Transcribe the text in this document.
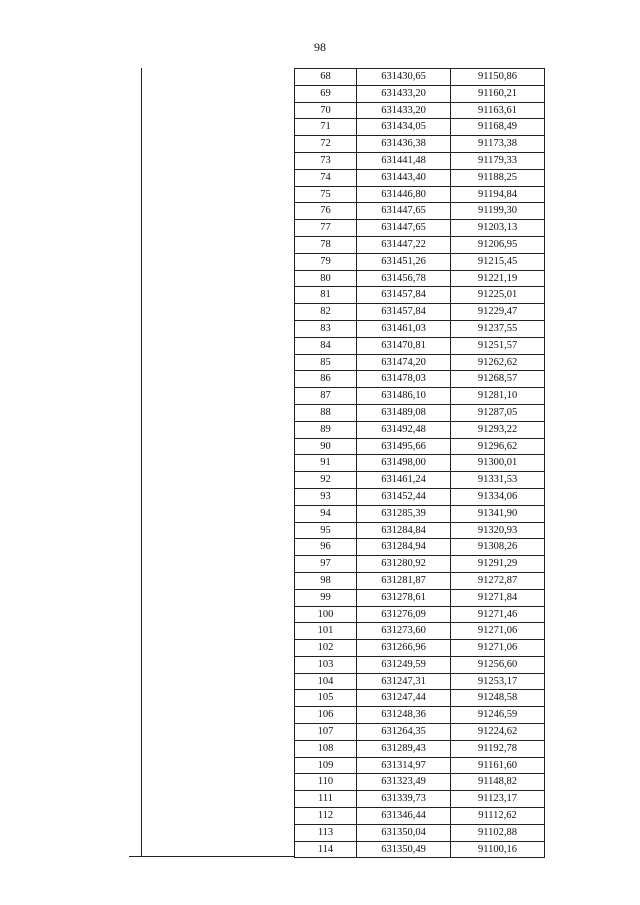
98
68	631430,65	91150,86
69	631433,20	91160,21
70	631433,20	91163,61
71	631434,05	91168,49
72	631436,38	91173,38
73	631441,48	91179,33
74	631443,40	91188,25
75	631446,80	91194,84
76	631447,65	91199,30
77	631447,65	91203,13
78	631447,22	91206,95
79	631451,26	91215,45
80	631456,78	91221,19
81	631457,84	91225,01
82	631457,84	91229,47
83	631461,03	91237,55
84	631470,81	91251,57
85	631474,20	91262,62
86	631478,03	91268,57
87	631486,10	91281,10
88	631489,08	91287,05
89	631492,48	91293,22
90	631495,66	91296,62
91	631498,00	91300,01
92	631461,24	91331,53
93	631452,44	91334,06
94	631285,39	91341,90
95	631284,84	91320,93
96	631284,94	91308,26
97	631280,92	91291,29
98	631281,87	91272,87
99	631278,61	91271,84
100	631276,09	91271,46
101	631273,60	91271,06
102	631266,96	91271,06
103	631249,59	91256,60
104	631247,31	91253,17
105	631247,44	91248,58
106	631248,36	91246,59
107	631264,35	91224,62
108	631289,43	91192,78
109	631314,97	91161,60
110	631323,49	91148,82
111	631339,73	91123,17
112	631346,44	91112,62
113	631350,04	91102,88
114	631350,49	91100,16
